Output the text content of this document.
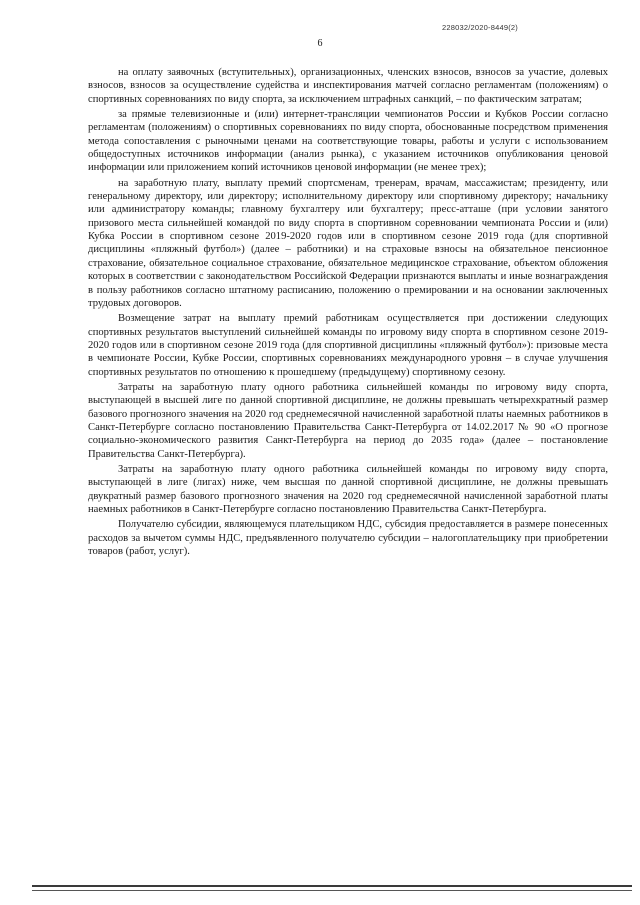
228032/2020-8449(2)
6

на оплату заявочных (вступительных), организационных, членских взносов, взносов за участие, долевых взносов, взносов за осуществление судейства и инспектирования матчей согласно регламентам (положениям) о спортивных соревнованиях по виду спорта, за исключением штрафных санкций, – по фактическим затратам;

за прямые телевизионные и (или) интернет-трансляции чемпионатов России и Кубков России согласно регламентам (положениям) о спортивных соревнованиях по виду спорта, обоснованные посредством применения метода сопоставления с рыночными ценами на соответствующие товары, работы и услуги с использованием общедоступных источников информации (анализ рынка), с указанием источников опубликования ценовой информации или приложением копий источников ценовой информации (не менее трех);

на заработную плату, выплату премий спортсменам, тренерам, врачам, массажистам; президенту, или генеральному директору, или директору; исполнительному директору или спортивному директору; начальнику или администратору команды; главному бухгалтеру или бухгалтеру; пресс-атташе (при условии занятого призового места сильнейшей командой по виду спорта в спортивном соревновании чемпионата России и (или) Кубка России в спортивном сезоне 2019-2020 годов или в спортивном сезоне 2019 года (для спортивной дисциплины «пляжный футбол») (далее – работники) и на страховые взносы на обязательное пенсионное страхование, обязательное социальное страхование, обязательное медицинское страхование, объектом обложения которых в соответствии с законодательством Российской Федерации признаются выплаты и иные вознаграждения в пользу работников согласно штатному расписанию, положению о премировании и на основании заключенных трудовых договоров.

Возмещение затрат на выплату премий работникам осуществляется при достижении следующих спортивных результатов выступлений сильнейшей команды по игровому виду спорта в спортивном сезоне 2019-2020 годов или в спортивном сезоне 2019 года (для спортивной дисциплины «пляжный футбол»): призовые места в чемпионате России, Кубке России, спортивных соревнованиях международного уровня – в случае улучшения спортивных результатов по отношению к прошедшему (предыдущему) спортивному сезону.

Затраты на заработную плату одного работника сильнейшей команды по игровому виду спорта, выступающей в высшей лиге по данной спортивной дисциплине, не должны превышать четырехкратный размер базового прогнозного значения на 2020 год среднемесячной начисленной заработной платы наемных работников в Санкт-Петербурге согласно постановлению Правительства Санкт-Петербурга от 14.02.2017 № 90 «О прогнозе социально-экономического развития Санкт-Петербурга на период до 2035 года» (далее – постановление Правительства Санкт-Петербурга).

Затраты на заработную плату одного работника сильнейшей команды по игровому виду спорта, выступающей в лиге (лигах) ниже, чем высшая по данной спортивной дисциплине, не должны превышать двукратный размер базового прогнозного значения на 2020 год среднемесячной начисленной заработной платы наемных работников в Санкт-Петербурге согласно постановлению Правительства Санкт-Петербурга.

Получателю субсидии, являющемуся плательщиком НДС, субсидия предоставляется в размере понесенных расходов за вычетом суммы НДС, предъявленного получателю субсидии – налогоплательщику при приобретении товаров (работ, услуг).
